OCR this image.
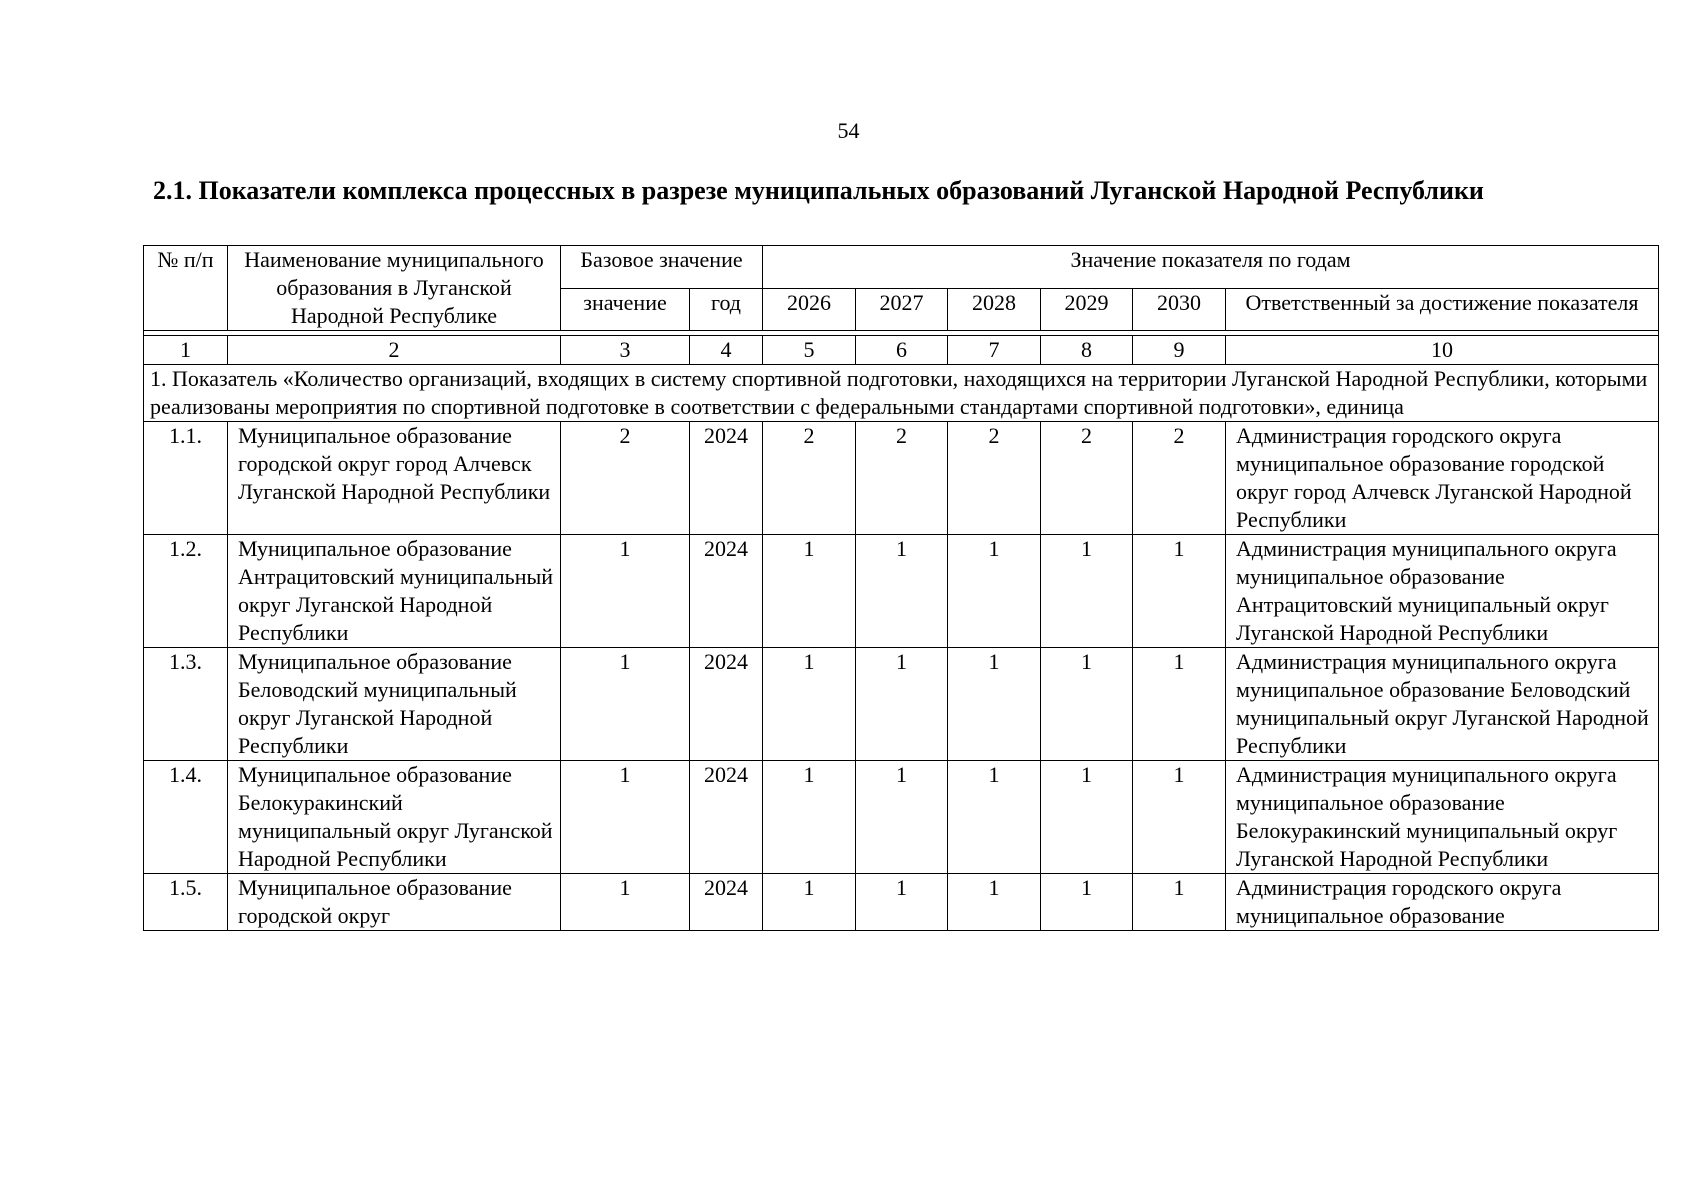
54
2.1. Показатели комплекса процессных в разрезе муниципальных образований Луганской Народной Республики
№ п/п	Наименование муниципального образования в Луганской Народной Республике	Базовое значение		Значение показателя по годам					
		значение	год	2026	2027	2028	2029	2030	Ответственный за достижение показателя

1	2	3	4	5	6	7	8	9	10
1. Показатель «Количество организаций, входящих в систему спортивной подготовки, находящихся на территории Луганской Народной Республики, которыми реализованы мероприятия по спортивной подготовке в соответствии с федеральными стандартами спортивной подготовки», единица									
1.1.	Муниципальное образование городской округ город Алчевск Луганской Народной Республики	2	2024	2	2	2	2	2	Администрация городского округа муниципальное образование городской округ город Алчевск Луганской Народной Республики
1.2.	Муниципальное образование Антрацитовский муниципальный округ Луганской Народной Республики	1	2024	1	1	1	1	1	Администрация муниципального округа муниципальное образование Антрацитовский муниципальный округ Луганской Народной Республики
1.3.	Муниципальное образование Беловодский муниципальный округ Луганской Народной Республики	1	2024	1	1	1	1	1	Администрация муниципального округа муниципальное образование Беловодский муниципальный округ Луганской Народной Республики
1.4.	Муниципальное образование Белокуракинский муниципальный округ Луганской Народной Республики	1	2024	1	1	1	1	1	Администрация муниципального округа муниципальное образование Белокуракинский муниципальный округ Луганской Народной Республики
1.5.	Муниципальное образование городской округ	1	2024	1	1	1	1	1	Администрация городского округа муниципальное образование
